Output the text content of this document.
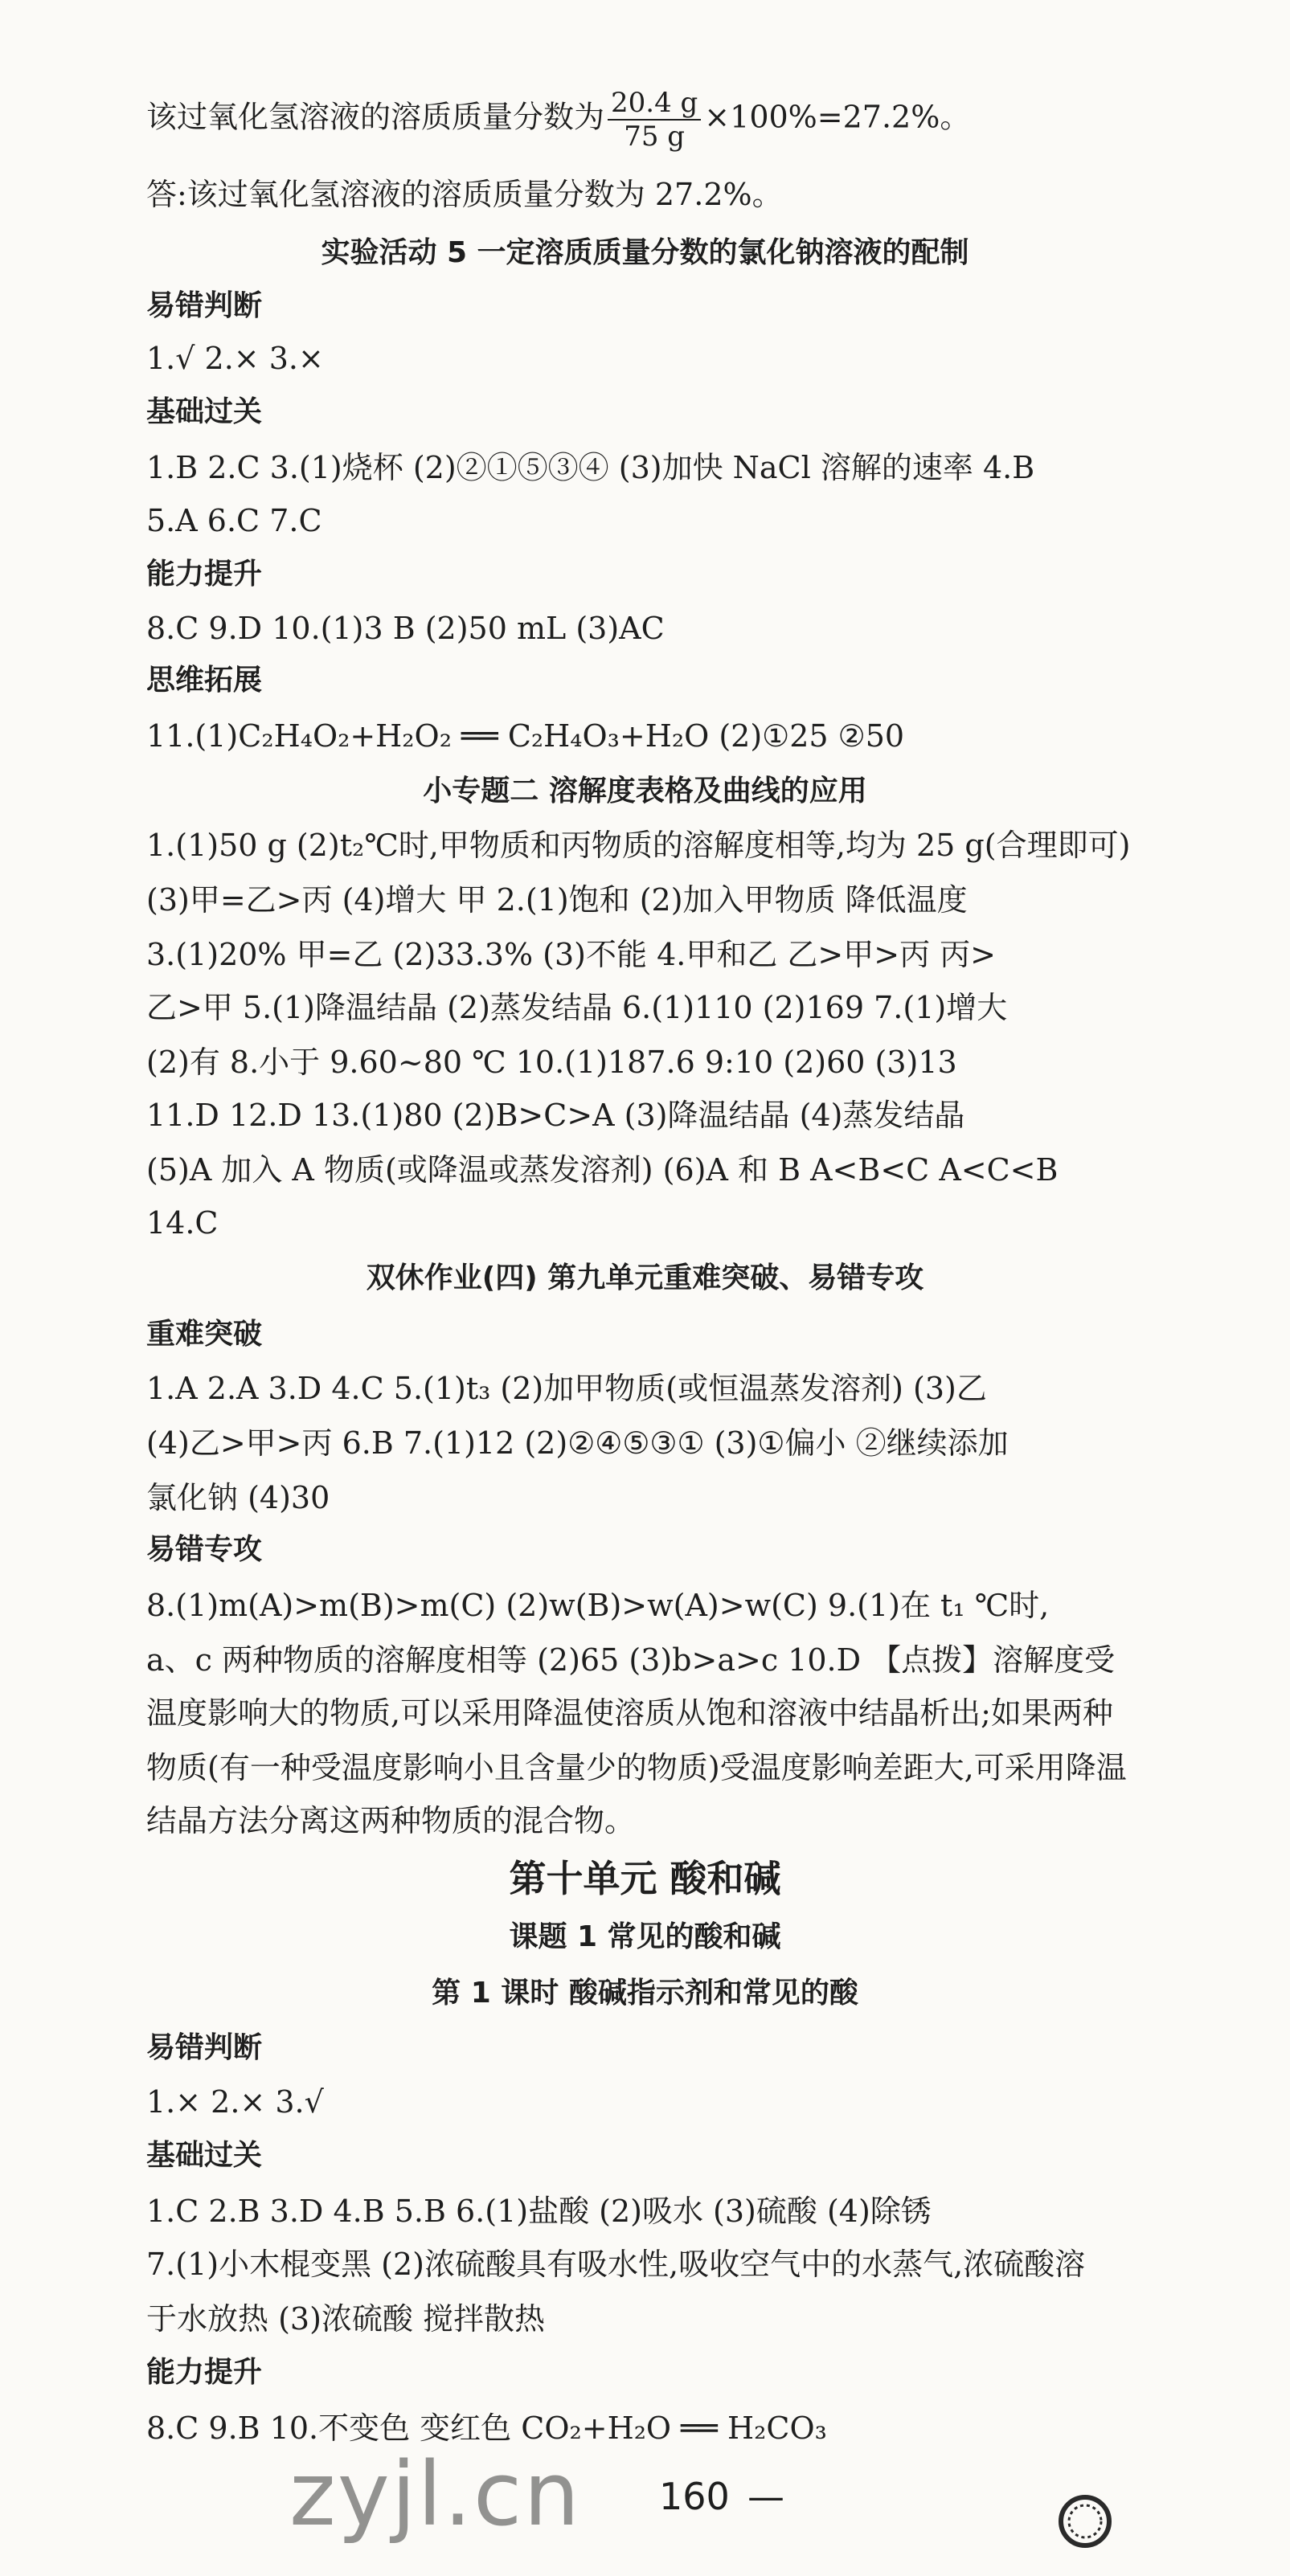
该过氧化氢溶液的溶质质量分数为 $\frac{20.4 g}{75 g} \times 100\%=27.2\%$。
答:该过氧化氢溶液的溶质质量分数为 27.2%。
实验活动 5 一定溶质质量分数的氯化钠溶液的配制
易错判断
1.√ 2.× 3.×
基础过关
1.B 2.C 3.(1)烧杯 (2)②①⑤③④ (3)加快 NaCl 溶解的速率 4.B
5.A 6.C 7.C
能力提升
8.C 9.D 10.(1)3 B (2)50 mL (3)AC
思维拓展
11.(1)C₂H₄O₂+H₂O₂ ══ C₂H₄O₃+H₂O (2)①25 ②50
小专题二 溶解度表格及曲线的应用
1.(1)50 g (2)t₂℃时,甲物质和丙物质的溶解度相等,均为 25 g(合理即可)
(3)甲=乙>丙 (4)增大 甲 2.(1)饱和 (2)加入甲物质 降低温度
3.(1)20% 甲=乙 (2)33.3% (3)不能 4.甲和乙 乙>甲>丙 丙>
乙>甲 5.(1)降温结晶 (2)蒸发结晶 6.(1)110 (2)169 7.(1)增大
(2)有 8.小于 9.60~80 ℃ 10.(1)187.6 9:10 (2)60 (3)13
11.D 12.D 13.(1)80 (2)B>C>A (3)降温结晶 (4)蒸发结晶
(5)A 加入 A 物质(或降温或蒸发溶剂) (6)A 和 B A<B<C A<C<B
14.C
双休作业(四) 第九单元重难突破、易错专攻
重难突破
1.A 2.A 3.D 4.C 5.(1)t₃ (2)加甲物质(或恒温蒸发溶剂) (3)乙
(4)乙>甲>丙 6.B 7.(1)12 (2)②④⑤③① (3)①偏小 ②继续添加
氯化钠 (4)30
易错专攻
8.(1)m(A)>m(B)>m(C) (2)w(B)>w(A)>w(C) 9.(1)在 t₁ ℃时,
a、c 两种物质的溶解度相等 (2)65 (3)b>a>c 10.D 【点拨】溶解度受
温度影响大的物质,可以采用降温使溶质从饱和溶液中结晶析出;如果两种
物质(有一种受温度影响小且含量少的物质)受温度影响差距大,可采用降温
结晶方法分离这两种物质的混合物。
第十单元 酸和碱
课题 1 常见的酸和碱
第 1 课时 酸碱指示剂和常见的酸
易错判断
1.× 2.× 3.√
基础过关
1.C 2.B 3.D 4.B 5.B 6.(1)盐酸 (2)吸水 (3)硫酸 (4)除锈
7.(1)小木棍变黑 (2)浓硫酸具有吸水性,吸收空气中的水蒸气,浓硫酸溶
于水放热 (3)浓硫酸 搅拌散热
能力提升
8.C 9.B 10.不变色 变红色 CO₂+H₂O ══ H₂CO₃
zyjl.cn 160 —
